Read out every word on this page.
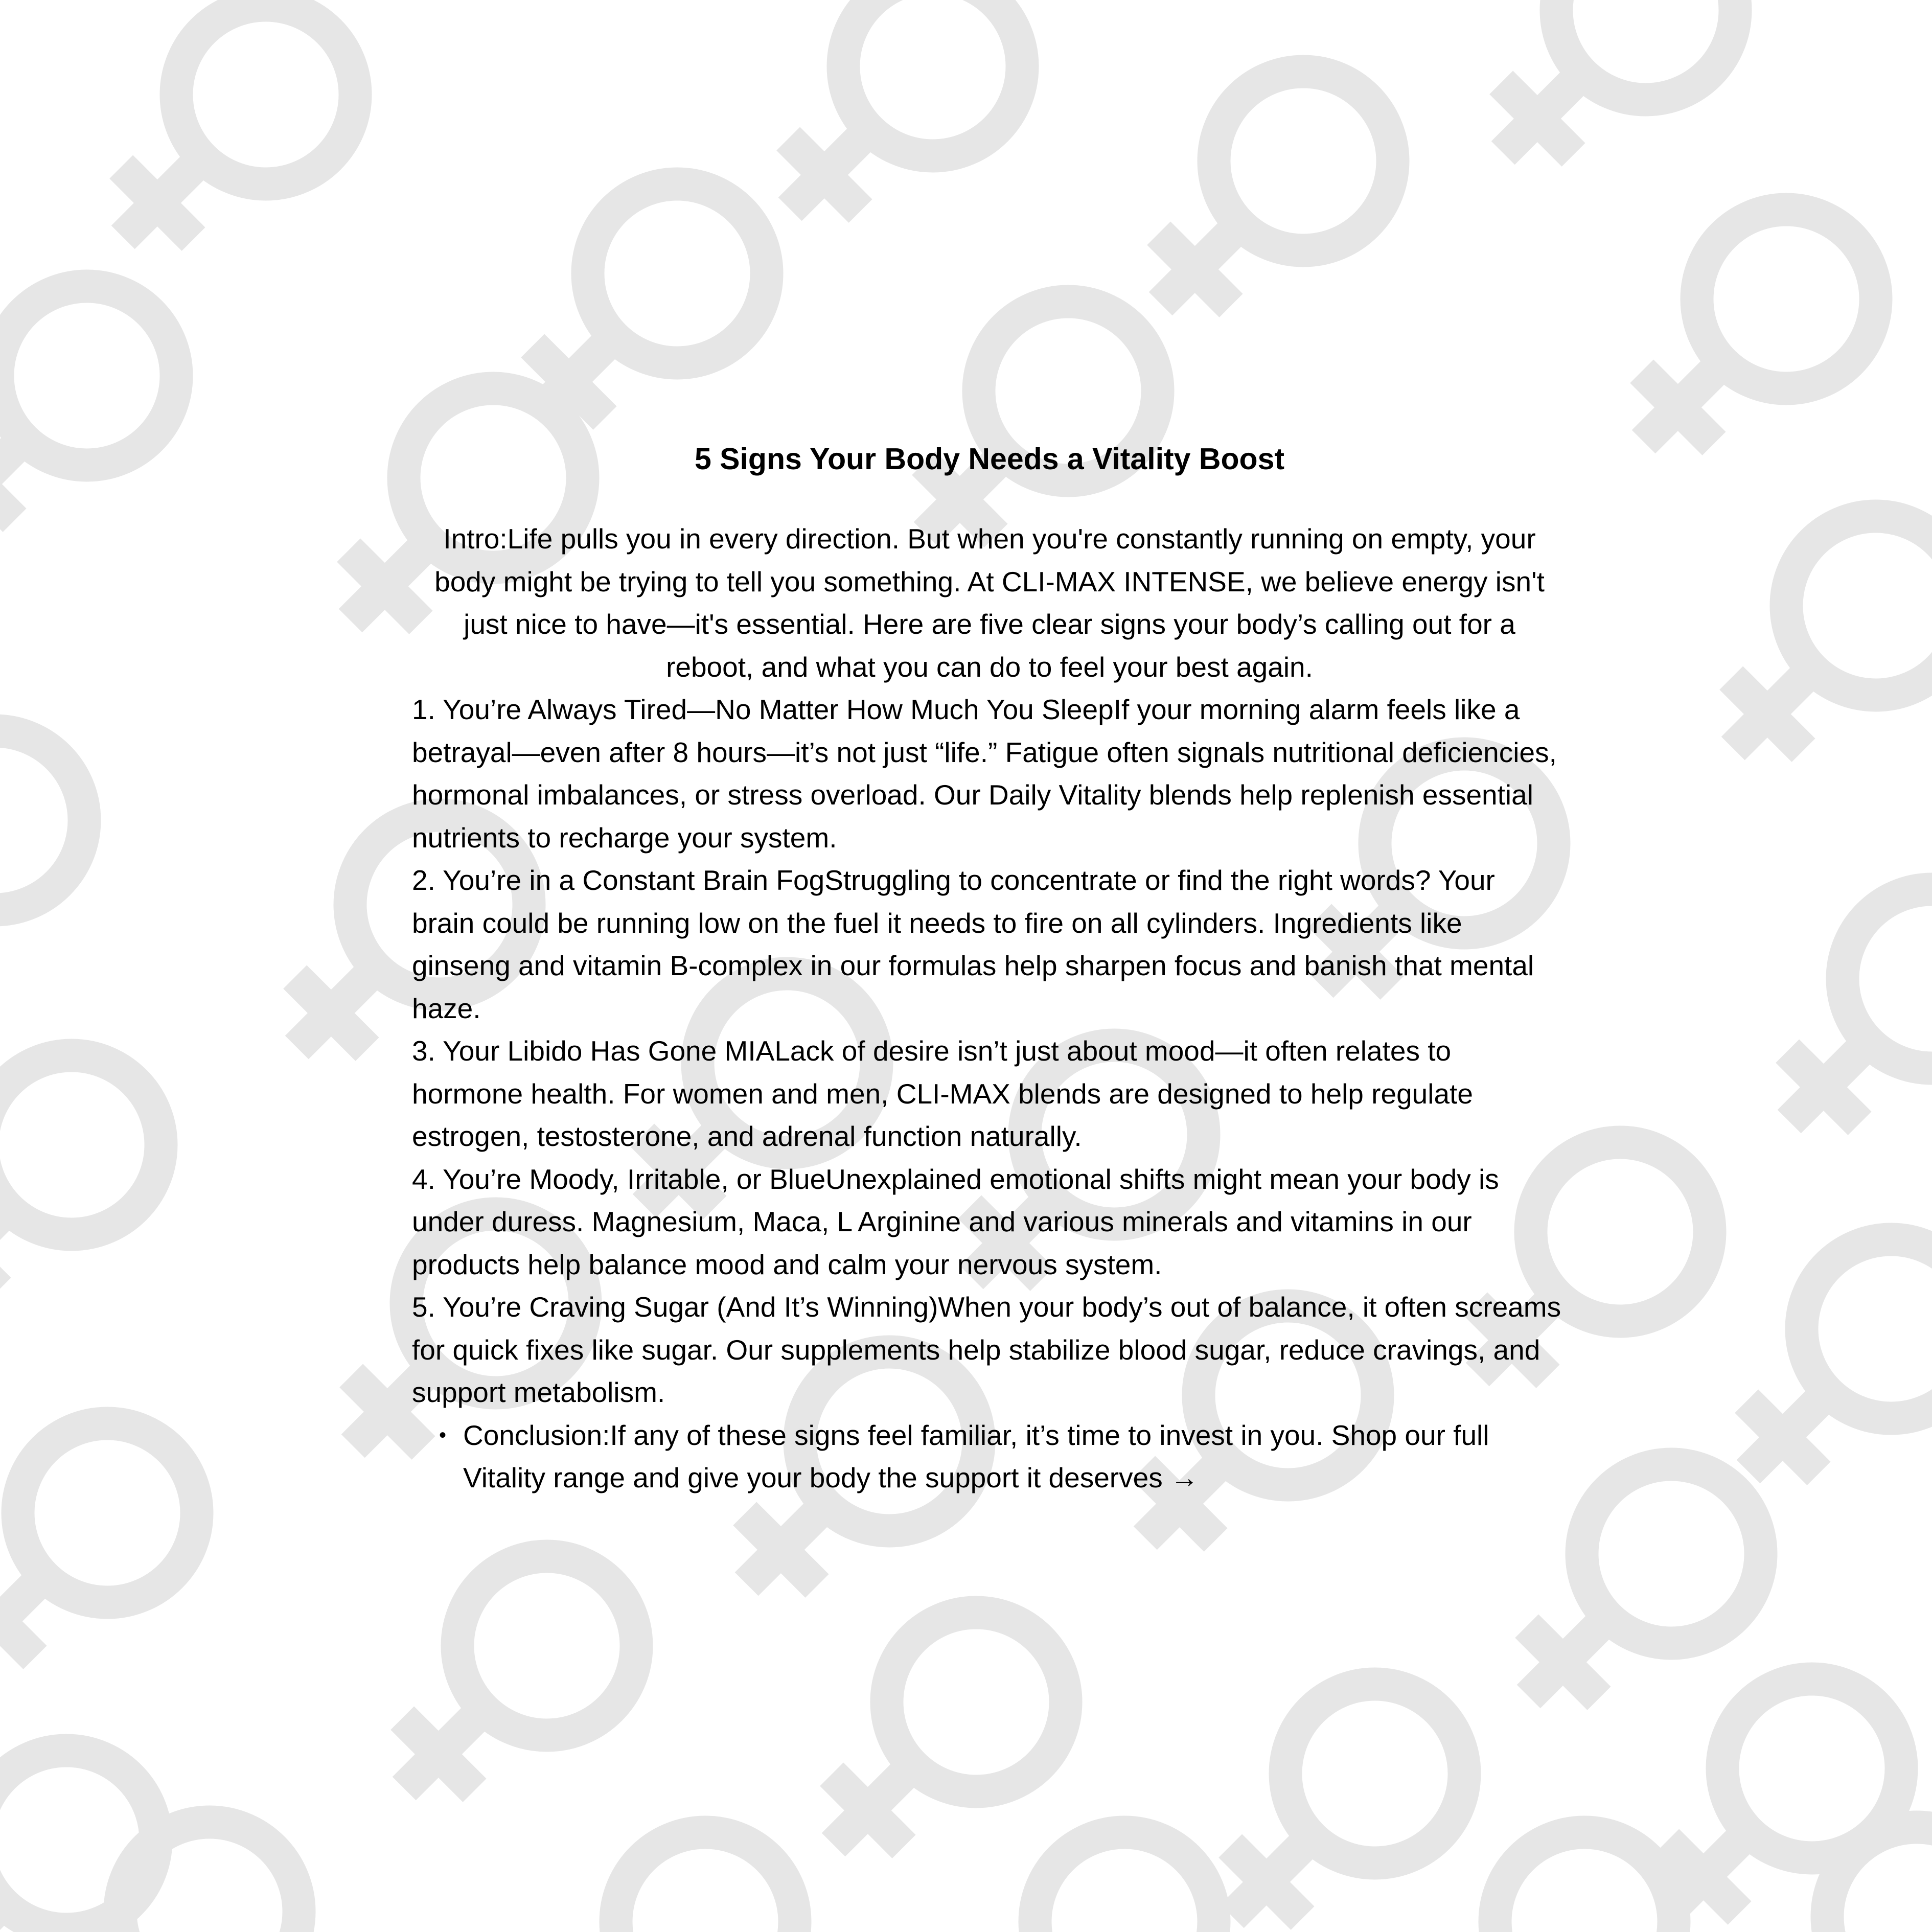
5 Signs Your Body Needs a Vitality Boost

Intro:Life pulls you in every direction. But when you're constantly running on empty, your body might be trying to tell you something. At CLI-MAX INTENSE, we believe energy isn't just nice to have—it's essential. Here are five clear signs your body’s calling out for a reboot, and what you can do to feel your best again.

1. You’re Always Tired—No Matter How Much You SleepIf your morning alarm feels like a betrayal—even after 8 hours—it’s not just “life.” Fatigue often signals nutritional deficiencies, hormonal imbalances, or stress overload. Our Daily Vitality blends help replenish essential nutrients to recharge your system.

2. You’re in a Constant Brain FogStruggling to concentrate or find the right words? Your brain could be running low on the fuel it needs to fire on all cylinders. Ingredients like ginseng and vitamin B-complex in our formulas help sharpen focus and banish that mental haze.

3. Your Libido Has Gone MIALack of desire isn’t just about mood—it often relates to hormone health. For women and men, CLI-MAX blends are designed to help regulate estrogen, testosterone, and adrenal function naturally.

4. You’re Moody, Irritable, or BlueUnexplained emotional shifts might mean your body is under duress. Magnesium, Maca, L Arginine and various minerals and vitamins in our products help balance mood and calm your nervous system.

5. You’re Craving Sugar (And It’s Winning)When your body’s out of balance, it often screams for quick fixes like sugar. Our supplements help stabilize blood sugar, reduce cravings, and support metabolism.

• Conclusion:If any of these signs feel familiar, it’s time to invest in you. Shop our full Vitality range and give your body the support it deserves →
